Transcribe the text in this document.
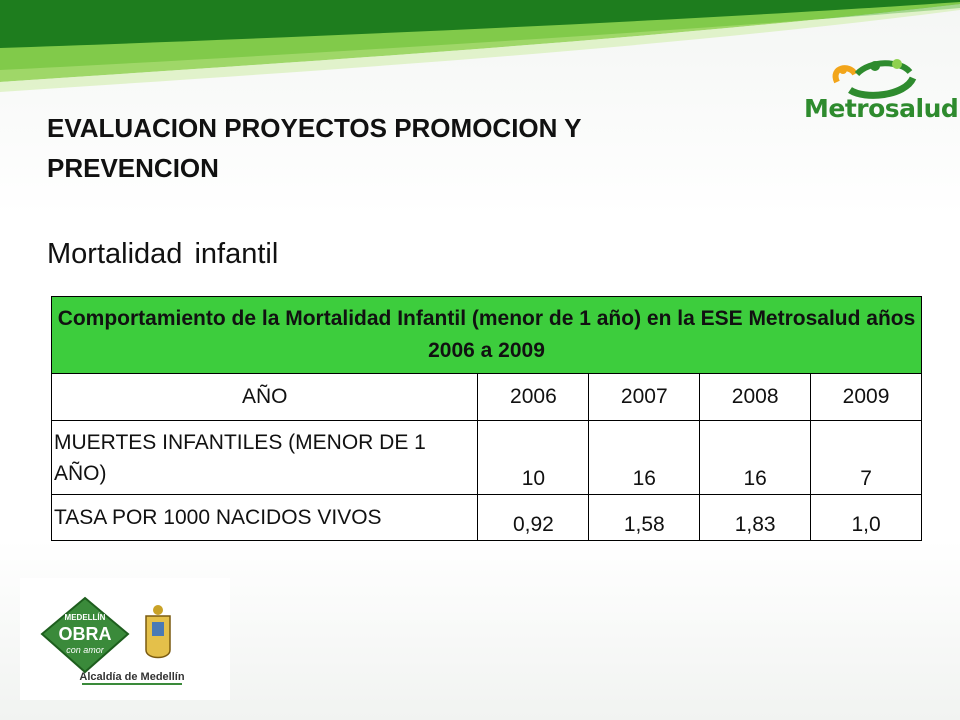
Metrosalud
EVALUACION PROYECTOS PROMOCION Y PREVENCION
Mortalidad infantil
Comportamiento de la Mortalidad Infantil (menor de 1 año) en la ESE Metrosalud años 2006 a 2009				
AÑO	2006	2007	2008	2009
MUERTES INFANTILES (MENOR DE 1 AÑO)	10	16	16	7
TASA POR 1000 NACIDOS VIVOS	0,92	1,58	1,83	1,0
MEDELLÍN
OBRA
con amor
Alcaldía de Medellín
